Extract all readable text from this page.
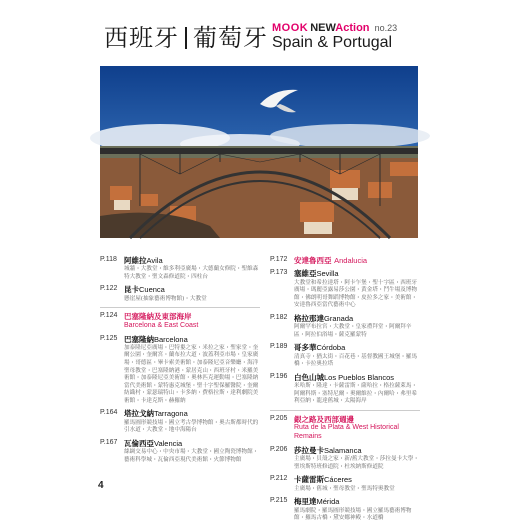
西班牙 葡萄牙 MOOK NEWAction no.23
Spain & Portugal
P.118 阿維拉Avila
城牆・大教堂・維多利亞廣場・大德蘭女修院・聖維森特大教堂・聖文森修道院・四柱台
P.122 昆卡Cuenca
懸崖屋(抽象藝術博物館)・大教堂
P.124 巴塞隆納及東部海岸
Barcelona & East Coast
P.125 巴塞隆納Barcelona
加泰隆尼亞廣場・巴特婁之家・米拉之家・聖家堂・奎爾公園・奎爾宮・蘭布拉大道・波蓋利亞市場・皇家廣場・哥德區・畢卡索美術館・加泰隆尼亞音樂廳・海洋聖母教堂・巴塞隆納港・蒙居克山・西班牙村・米羅美術館・加泰隆尼亞美術館・奧林匹克運動場・巴塞隆納當代美術館・蒙特惠克城堡・聖十字聖保羅醫院・奎爾紡織村・蒙瑟瑞特山・卡多納・費格拉斯・達利劇院美術館・卡達克斯・赫羅納
P.164 塔拉戈納Tarragona
羅馬圓形競技場・國立考古學博物館・奧古斯都時代的引水道・大教堂・地中海陽台
P.167 瓦倫西亞Valencia
絲綢交易中心・中央市場・大教堂・國立陶瓷博物館・藝術科學城・瓦倫西亞現代美術館・火節博物館
P.172 安達魯西亞 Andalucia
P.173 塞維亞Sevilla
大教堂和希拉達塔・阿卡乍堡・聖十字區・西班牙廣場・瑪麗亞露易莎公園・黃金塔・鬥牛場及博物館・佛朗明哥舞蹈博物館・皮拉多之家・美術館・安達魯西亞當代藝術中心
P.182 格拉那達Granada
阿爾罕布拉宮・大教堂・皇家禮拜堂・阿爾拜辛區・阿拉伯浴場・薩克羅蒙特
P.189 哥多華Córdoba
清真寺・猶太街・百花巷・基督教國王城堡・羅馬橋・卡拉奧拉塔
P.196 白色山城Los Pueblos Blancos
米哈斯・隆達・卡薩雷斯・薩哈拉・格拉薩萊馬・阿爾科斯・塞特尼爾・奧爾維拉・內爾哈・弗里希利亞納・龍達舊城・太陽海岸
P.205 銀之路及西部週邊
Ruta de la Plata & West Historical Remains
P.206 莎拉曼卡Salamanca
主廣場・貝殼之家・新/舊大教堂・莎拉曼卡大學・聖埃斯特班修道院・杜埃納斯修道院
P.212 卡薩雷斯Cáceres
主廣場・舊城・聖母教堂・聖馬特奧教堂
P.215 梅里達Mérida
羅馬劇院・羅馬圓形競技場・國立羅馬藝術博物館・羅馬古橋・黛安娜神殿・水道橋
4
